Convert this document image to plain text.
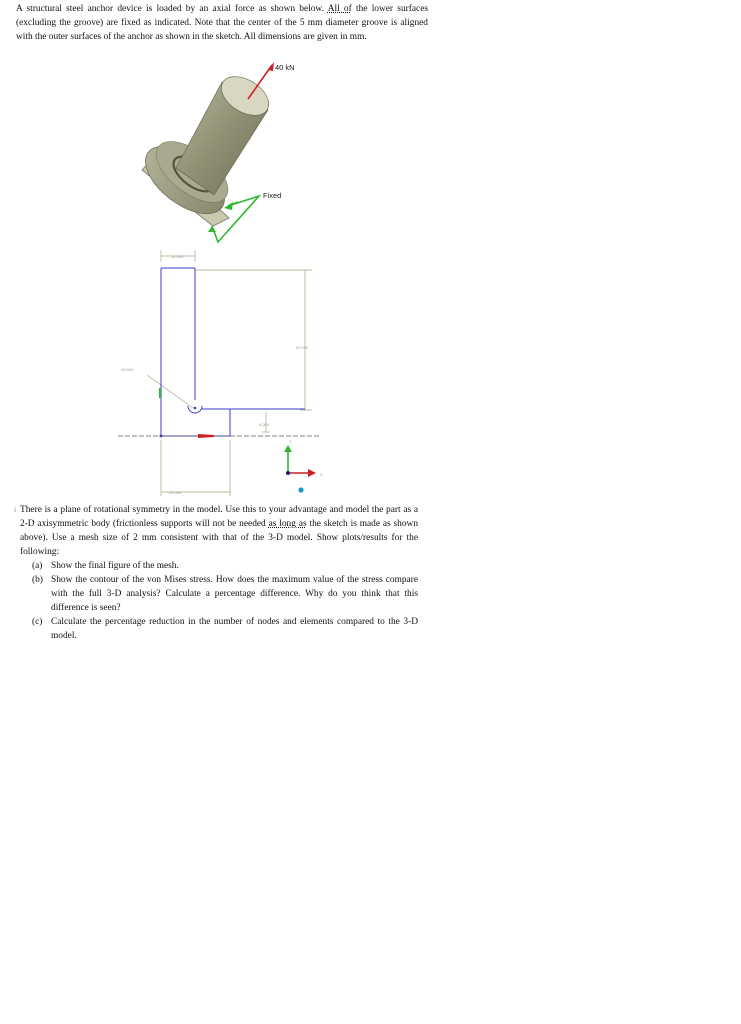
A structural steel anchor device is loaded by an axial force as shown below. All of the lower surfaces (excluding the groove) are fixed as indicated. Note that the center of the 5 mm diameter groove is aligned with the outer surfaces of the anchor as shown in the sketch. All dimensions are given in mm.
40 kN
Fixed
12.500
50.000
40.000
9.000
25.000
Y
X
i There is a plane of rotational symmetry in the model. Use this to your advantage and model the part as a 2-D axisymmetric body (frictionless supports will not be needed as long as the sketch is made as shown above). Use a mesh size of 2 mm consistent with that of the 3-D model. Show plots/results for the following:
(a) Show the final figure of the mesh.
(b) Show the contour of the von Mises stress. How does the maximum value of the stress compare with the full 3-D analysis? Calculate a percentage difference. Why do you think that this difference is seen?
(c) Calculate the percentage reduction in the number of nodes and elements compared to the 3-D model.
